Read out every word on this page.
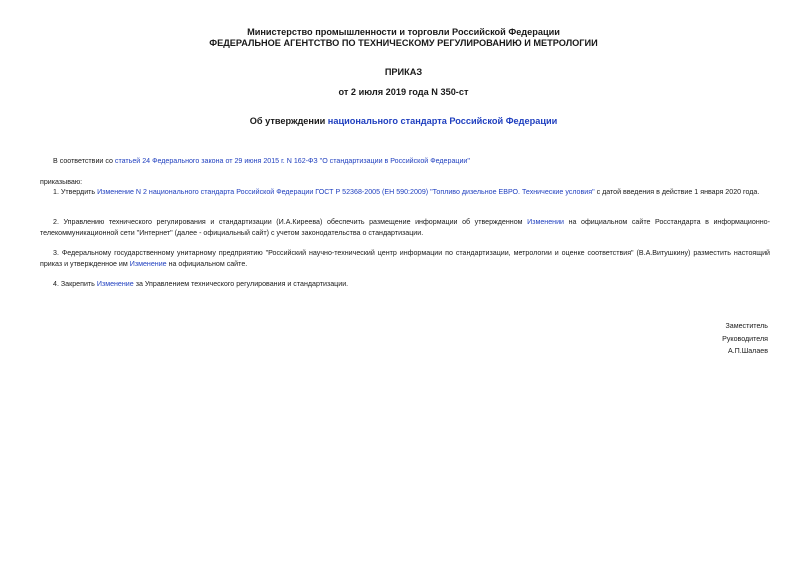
Министерство промышленности и торговли Российской Федерации
ФЕДЕРАЛЬНОЕ АГЕНТСТВО ПО ТЕХНИЧЕСКОМУ РЕГУЛИРОВАНИЮ И МЕТРОЛОГИИ
ПРИКАЗ
от 2 июля 2019 года N 350-ст
Об утверждении национального стандарта Российской Федерации
В соответствии со статьей 24 Федерального закона от 29 июня 2015 г. N 162-ФЗ "О стандартизации в Российской Федерации"
приказываю:
1. Утвердить Изменение N 2 национального стандарта Российской Федерации ГОСТ Р 52368-2005 (ЕН 590:2009) "Топливо дизельное ЕВРО. Технические условия" с датой введения в действие 1 января 2020 года.
2. Управлению технического регулирования и стандартизации (И.А.Киреева) обеспечить размещение информации об утвержденном Изменении на официальном сайте Росстандарта в информационно-телекоммуникационной сети "Интернет" (далее - официальный сайт) с учетом законодательства о стандартизации.
3. Федеральному государственному унитарному предприятию "Российский научно-технический центр информации по стандартизации, метрологии и оценке соответствия" (В.А.Витушкину) разместить настоящий приказ и утвержденное им Изменение на официальном сайте.
4. Закрепить Изменение за Управлением технического регулирования и стандартизации.
Заместитель
Руководителя
А.П.Шалаев
